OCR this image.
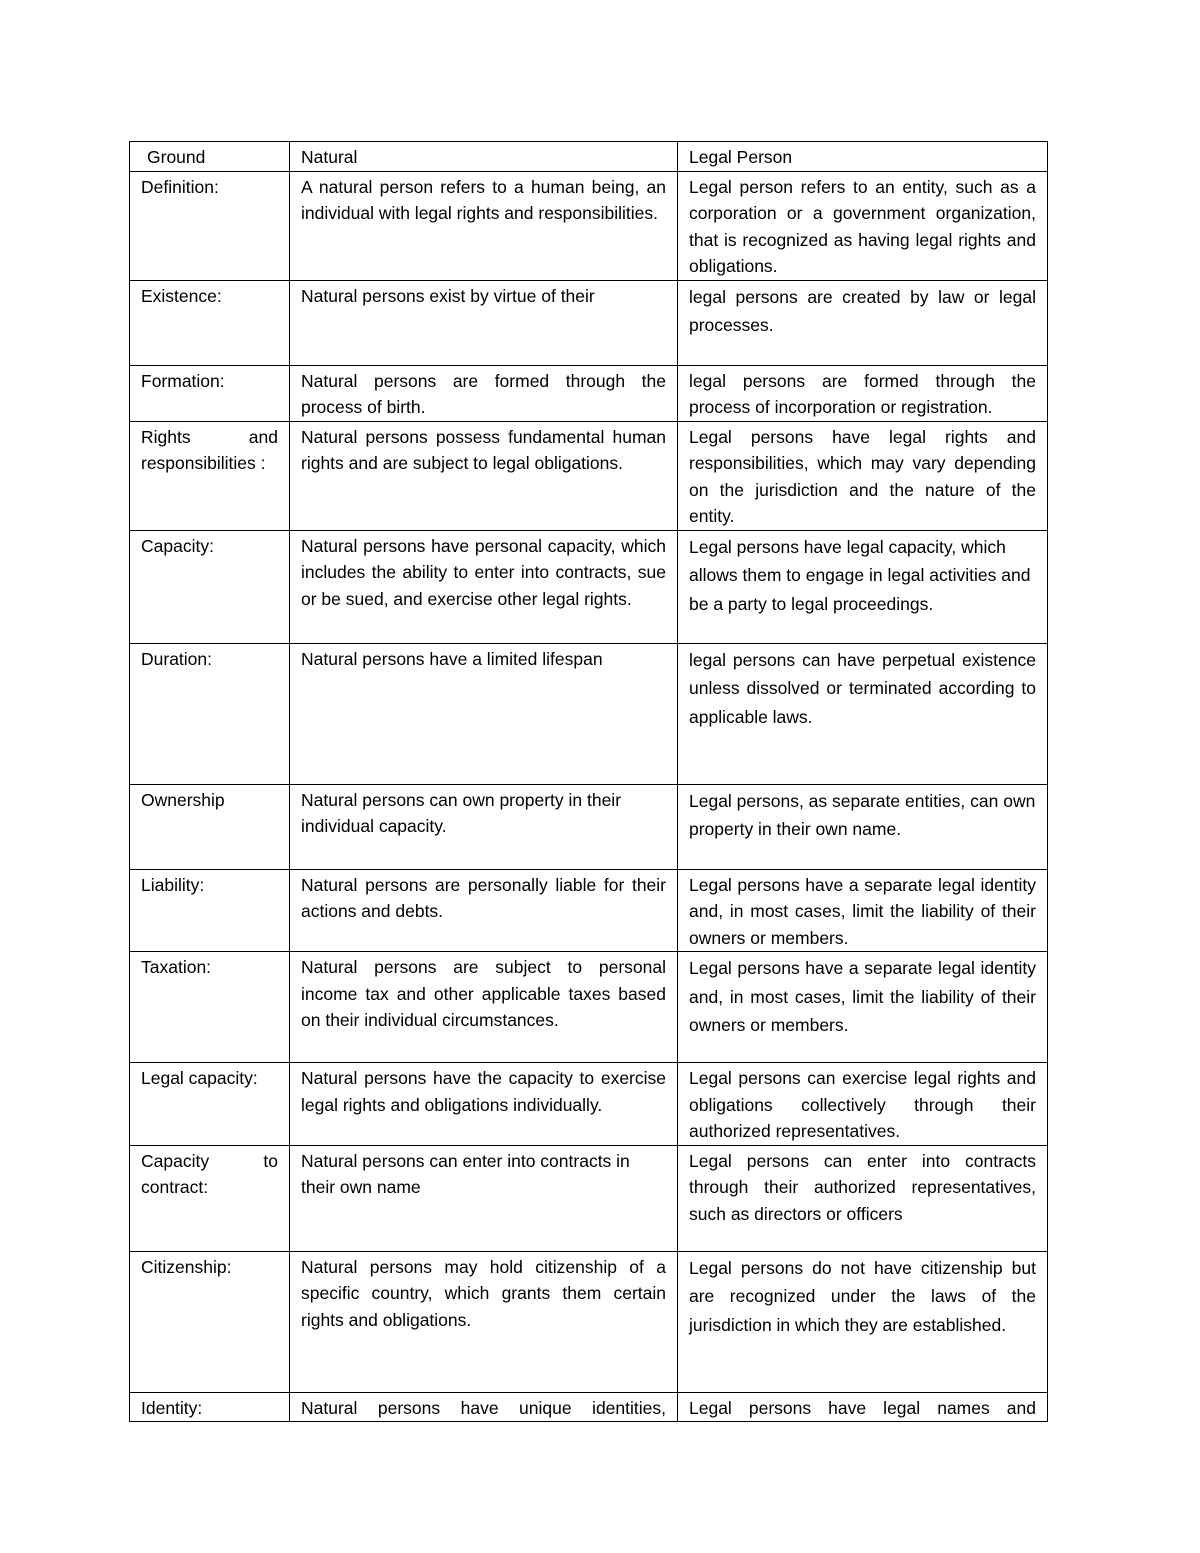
Ground	Natural	Legal Person
Definition:	A natural person refers to a human being, an individual with legal rights and responsibilities.	Legal person refers to an entity, such as a corporation or a government organization, that is recognized as having legal rights and obligations.
Existence:	Natural persons exist by virtue of their	legal persons are created by law or legal processes.
Formation:	Natural persons are formed through the process of birth.	legal persons are formed through the process of incorporation or registration.
Rights and responsibilities :	Natural persons possess fundamental human rights and are subject to legal obligations.	Legal persons have legal rights and responsibilities, which may vary depending on the jurisdiction and the nature of the entity.
Capacity:	Natural persons have personal capacity, which includes the ability to enter into contracts, sue or be sued, and exercise other legal rights.	Legal persons have legal capacity, which allows them to engage in legal activities and be a party to legal proceedings.
Duration:	Natural persons have a limited lifespan	legal persons can have perpetual existence unless dissolved or terminated according to applicable laws.
Ownership	Natural persons can own property in their individual capacity.	Legal persons, as separate entities, can own property in their own name.
Liability:	Natural persons are personally liable for their actions and debts.	Legal persons have a separate legal identity and, in most cases, limit the liability of their owners or members.
Taxation:	Natural persons are subject to personal income tax and other applicable taxes based on their individual circumstances.	Legal persons have a separate legal identity and, in most cases, limit the liability of their owners or members.
Legal capacity:	Natural persons have the capacity to exercise legal rights and obligations individually.	Legal persons can exercise legal rights and obligations collectively through their authorized representatives.
Capacity to contract:	Natural persons can enter into contracts in their own name	Legal persons can enter into contracts through their authorized representatives, such as directors or officers
Citizenship:	Natural persons may hold citizenship of a specific country, which grants them certain rights and obligations.	Legal persons do not have citizenship but are recognized under the laws of the jurisdiction in which they are established.
Identity:	Natural persons have unique identities,	Legal persons have legal names and
